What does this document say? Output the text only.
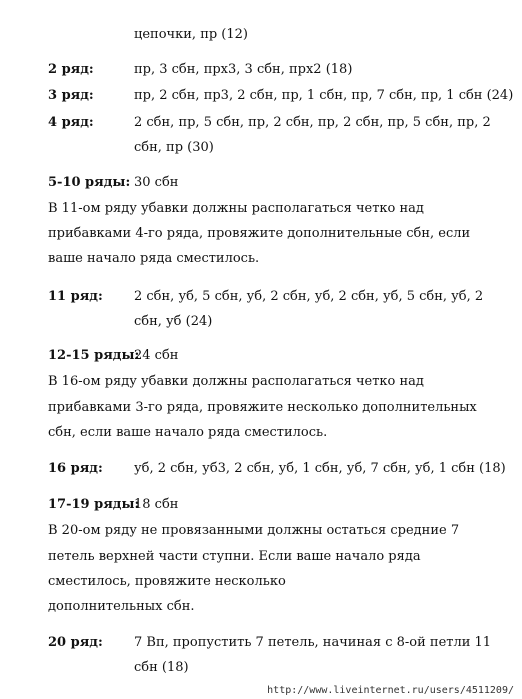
цепочки, пр (12)
2 ряд:	пр, 3 сбн, прх3, 3 сбн, прх2 (18)
3 ряд:	пр, 2 сбн, пр3, 2 сбн, пр, 1 сбн, пр, 7 сбн, пр, 1 сбн (24)
4 ряд:	2 сбн, пр, 5 сбн, пр, 2 сбн, пр, 2 сбн, пр, 5 сбн, пр, 2
сбн, пр (30)
5-10 ряды: 30 сбн
В 11-ом ряду убавки должны располагаться четко над
прибавками 4-го ряда, провяжите дополнительные сбн, если
ваше начало ряда сместилось.
11 ряд: 2 сбн, уб, 5 сбн, уб, 2 сбн, уб, 2 сбн, уб, 5 сбн, уб, 2
сбн, уб (24)
12-15 ряды:
24 сбн
В 16-ом ряду убавки должны располагаться четко над
прибавками 3-го ряда, провяжите несколько дополнительных
сбн, если ваше начало ряда сместилось.
16 ряд: уб, 2 сбн, уб3, 2 сбн, уб, 1 сбн, уб, 7 сбн, уб, 1 сбн (18)
17-19 ряды:
18 сбн
В 20-ом ряду не провязанными должны остаться средние 7
петель верхней части ступни. Если ваше начало ряда
сместилось, провяжите несколько
дополнительных сбн.
20 ряд: 7 Вп, пропустить 7 петель, начиная с 8-ой петли 11
сбн (18)
http://www.liveinternet.ru/users/4511209/
